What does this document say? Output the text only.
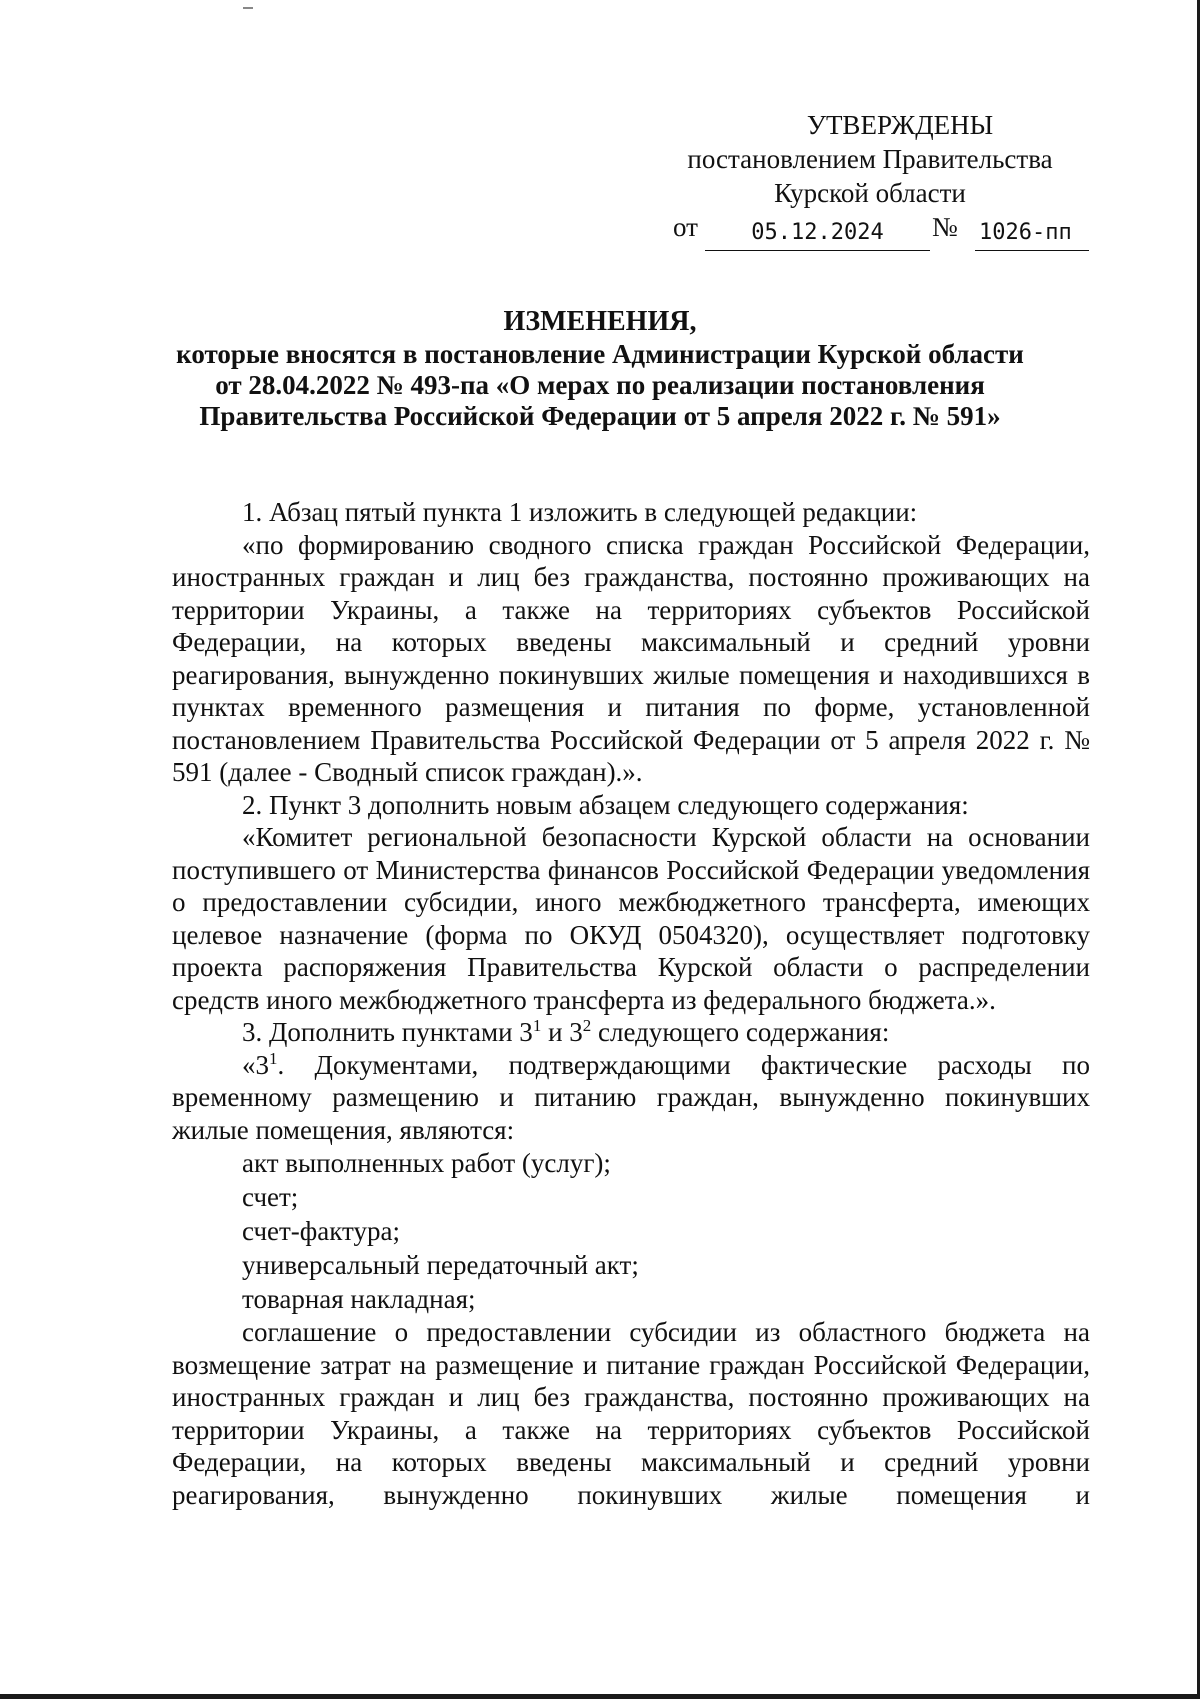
УТВЕРЖДЕНЫ
постановлением Правительства
Курской области
от	05.12.2024	№ 1026-пп
ИЗМЕНЕНИЯ,
которые вносятся в постановление Администрации Курской области
от 28.04.2022 № 493-па «О мерах по реализации постановления
Правительства Российской Федерации от 5 апреля 2022 г. № 591»

1. Абзац пятый пункта 1 изложить в следующей редакции:

«по формированию сводного списка граждан Российской Федерации, иностранных граждан и лиц без гражданства, постоянно проживающих на территории Украины, а также на территориях субъектов Российской Федерации, на которых введены максимальный и средний уровни реагирования, вынужденно покинувших жилые помещения и находившихся в пунктах временного размещения и питания по форме, установленной постановлением Правительства Российской Федерации от 5 апреля 2022 г. № 591 (далее - Сводный список граждан).».

2. Пункт 3 дополнить новым абзацем следующего содержания:

«Комитет региональной безопасности Курской области на основании поступившего от Министерства финансов Российской Федерации уведомления о предоставлении субсидии, иного межбюджетного трансферта, имеющих целевое назначение (форма по ОКУД 0504320), осуществляет подготовку проекта распоряжения Правительства Курской области о распределении средств иного межбюджетного трансферта из федерального бюджета.».

3. Дополнить пунктами $3^1$ и $3^2$ следующего содержания:

«$3^1$. Документами, подтверждающими фактические расходы по временному размещению и питанию граждан, вынужденно покинувших жилые помещения, являются:

акт выполненных работ (услуг);

счет;

счет-фактура;

универсальный передаточный акт;

товарная накладная;

соглашение о предоставлении субсидии из областного бюджета на возмещение затрат на размещение и питание граждан Российской Федерации, иностранных граждан и лиц без гражданства, постоянно проживающих на территории Украины, а также на территориях субъектов Российской Федерации, на которых введены максимальный и средний уровни реагирования, вынужденно покинувших жилые помещения и
